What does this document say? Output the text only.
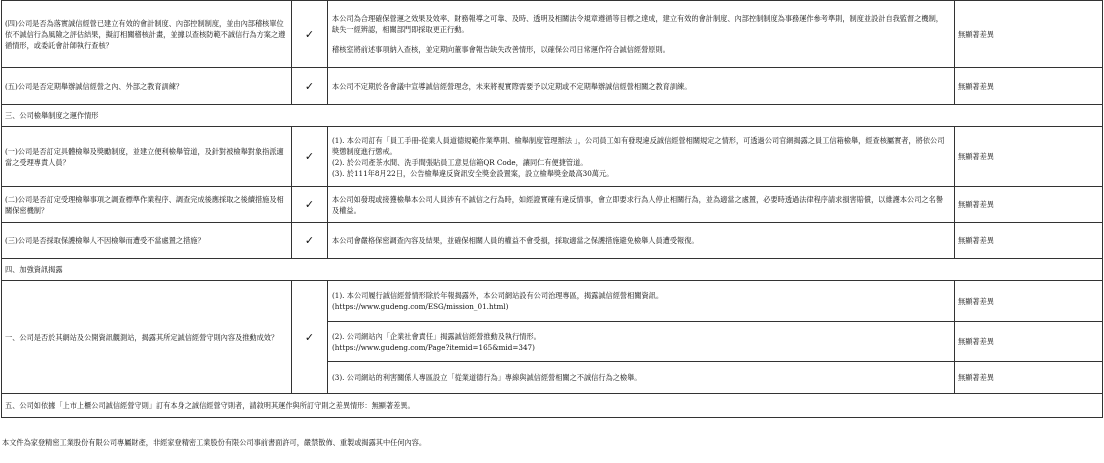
(四)公司是否為落實誠信經營已建立有效的會計制度、內部控制制度，並由內部稽核單位依不誠信行為風險之評估結果，擬訂相關稽核計畫，並據以查核防範不誠信行為方案之遵循情形，或委託會計師執行查核？	✓	本公司為合理確保營運之效果及效率、財務報導之可靠、及時、透明及相關法令規章遵循等目標之達成，建立有效的會計制度、內部控制制度為事務運作參考準則，制度並設計自我監督之機制，缺失一經辨認，相關部門即採取更正行動。

稽核室將前述事項納入查核，並定期向董事會報告缺失改善情形，以確保公司日常運作符合誠信經營原則。	無顯著差異
(五)公司是否定期舉辦誠信經營之內、外部之教育訓練？	✓	本公司不定期於各會議中宣導誠信經營理念，未來將視實際需要予以定期或不定期舉辦誠信經營相關之教育訓練。	無顯著差異
三、公司檢舉制度之運作情形			
(一)公司是否訂定具體檢舉及獎勵制度，並建立便利檢舉管道，及針對被檢舉對象指派適當之受理專責人員？	✓	(1). 本公司訂有「員工手冊-從業人員道德規範作業準則、檢舉制度管理辦法 」，公司員工如有發現違反誠信經營相關規定之情形，可透過公司官網揭露之員工信箱檢舉，經查核屬實者，將依公司獎懲制度進行懲戒。

(2). 於公司產茶水間、洗手間張貼員工意見信箱QR Code，讓同仁有便捷管道。

(3). 於111年8月22日，公告檢舉違反資訊安全獎金設置案，設立檢舉獎金最高30萬元。	無顯著差異
(二)公司是否訂定受理檢舉事項之調查標準作業程序、調查完成後應採取之後續措施及相關保密機制？	✓	本公司如發現或接獲檢舉本公司人員涉有不誠信之行為時，如經證實確有違反情事，會立即要求行為人停止相關行為，並為適當之處置，必要時透過法律程序請求損害賠償，以維護本公司之名譽及權益。	無顯著差異
(三)公司是否採取保護檢舉人不因檢舉而遭受不當處置之措施？	✓	本公司會嚴格保密調查內容及結果，並確保相關人員的權益不會受損，採取適當之保護措施避免檢舉人員遭受報復。	無顯著差異
四、加強資訊揭露			
一、公司是否於其網站及公開資訊觀測站，揭露其所定誠信經營守則內容及推動成效？	✓	(1). 本公司履行誠信經營情形除於年報揭露外，本公司網站設有公司治理專區，揭露誠信經營相關資訊。

(https://www.gudeng.com/ESG/mission_01.html)	無顯著差異

		(2). 公司網站內「企業社會責任」揭露誠信經營推動及執行情形。

(https://www.gudeng.com/Page?itemid=165&mid=347)	無顯著差異
		(3). 公司網站的利害關係人專區設立「從業道德行為」專線與誠信經營相關之不誠信行為之檢舉。	無顯著差異
五、公司如依據「上市上櫃公司誠信經營守則」訂有本身之誠信經營守則者，請敘明其運作與所訂守則之差異情形：無顯著差異。			
本文件為家登精密工業股份有限公司專屬財產，非經家登精密工業股份有限公司事前書面許可，嚴禁散佈、重製或揭露其中任何內容。
